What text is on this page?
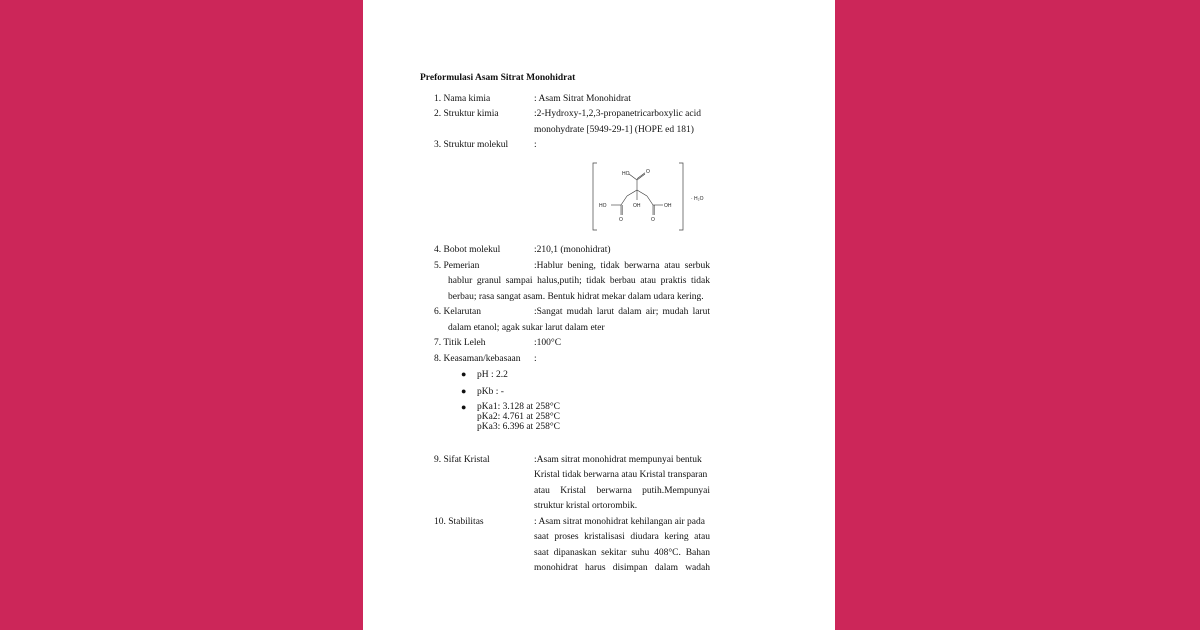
Preformulasi Asam Sitrat Monohidrat
1. Nama kimia	: Asam Sitrat Monohidrat
2. Struktur kimia	:2-Hydroxy-1,2,3-propanetricarboxylic acid
monohydrate [5949-29-1] (HOPE ed 181)
3. Struktur molekul	:
HO	O
HO	OH	OH
O	O
· H₂O
4. Bobot molekul	:210,1 (monohidrat)
5. Pemerian	:Hablur bening, tidak berwarna atau serbuk
hablur granul sampai halus,putih; tidak berbau atau praktis tidak
berbau; rasa sangat asam. Bentuk hidrat mekar dalam udara kering.
6. Kelarutan	:Sangat mudah larut dalam air; mudah larut
dalam etanol; agak sukar larut dalam eter
7. Titik Leleh	:100°C
8. Keasaman/kebasaan :
● pH : 2.2
● pKb : -
● pKa1: 3.128 at 258°C
pKa2: 4.761 at 258°C
pKa3: 6.396 at 258°C
9. Sifat Kristal	:Asam sitrat monohidrat mempunyai bentuk
Kristal tidak berwarna atau Kristal transparan
atau Kristal berwarna putih.Mempunyai
struktur kristal ortorombik.
10. Stabilitas	: Asam sitrat monohidrat kehilangan air pada
saat proses kristalisasi diudara kering atau
saat dipanaskan sekitar suhu 408°C. Bahan
monohidrat harus disimpan dalam wadah
